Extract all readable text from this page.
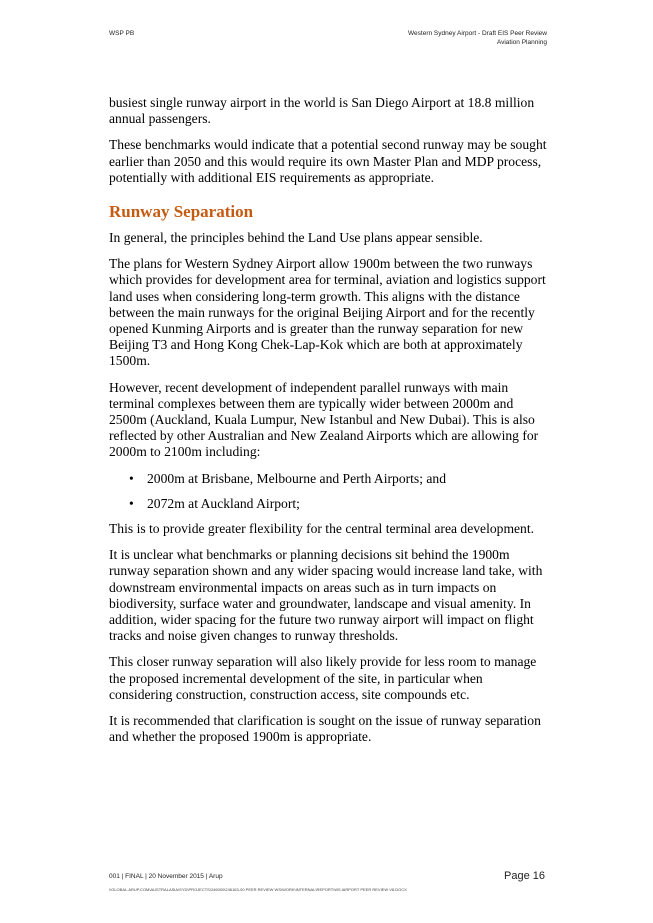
WSP PB	Western Sydney Airport - Draft EIS Peer Review
Aviation Planning

busiest single runway airport in the world is San Diego Airport at 18.8 million annual passengers.

These benchmarks would indicate that a potential second runway may be sought earlier than 2050 and this would require its own Master Plan and MDP process, potentially with additional EIS requirements as appropriate.

Runway Separation

In general, the principles behind the Land Use plans appear sensible.

The plans for Western Sydney Airport allow 1900m between the two runways which provides for development area for terminal, aviation and logistics support land uses when considering long-term growth. This aligns with the distance between the main runways for the original Beijing Airport and for the recently opened Kunming Airports and is greater than the runway separation for new Beijing T3 and Hong Kong Chek-Lap-Kok which are both at approximately 1500m.

However, recent development of independent parallel runways with main terminal complexes between them are typically wider between 2000m and 2500m (Auckland, Kuala Lumpur, New Istanbul and New Dubai). This is also reflected by other Australian and New Zealand Airports which are allowing for 2000m to 2100m including:

• 2000m at Brisbane, Melbourne and Perth Airports; and
• 2072m at Auckland Airport;

This is to provide greater flexibility for the central terminal area development.

It is unclear what benchmarks or planning decisions sit behind the 1900m runway separation shown and any wider spacing would increase land take, with downstream environmental impacts on areas such as in turn impacts on biodiversity, surface water and groundwater, landscape and visual amenity. In addition, wider spacing for the future two runway airport will impact on flight tracks and noise given changes to runway thresholds.

This closer runway separation will also likely provide for less room to manage the proposed incremental development of the site, in particular when considering construction, construction access, site compounds etc.

It is recommended that clarification is sought on the issue of runway separation and whether the proposed 1900m is appropriate.

001 | FINAL | 20 November 2015 | Arup
\\GLOBAL.ARUP.COM\AUSTRALASIA\SYD\PROJECTS\246000\246163-00 PEER REVIEW WS\WORK\INTERNAL\REPORT\WS AIRPORT PEER REVIEW V8.DOCX
Page 16
